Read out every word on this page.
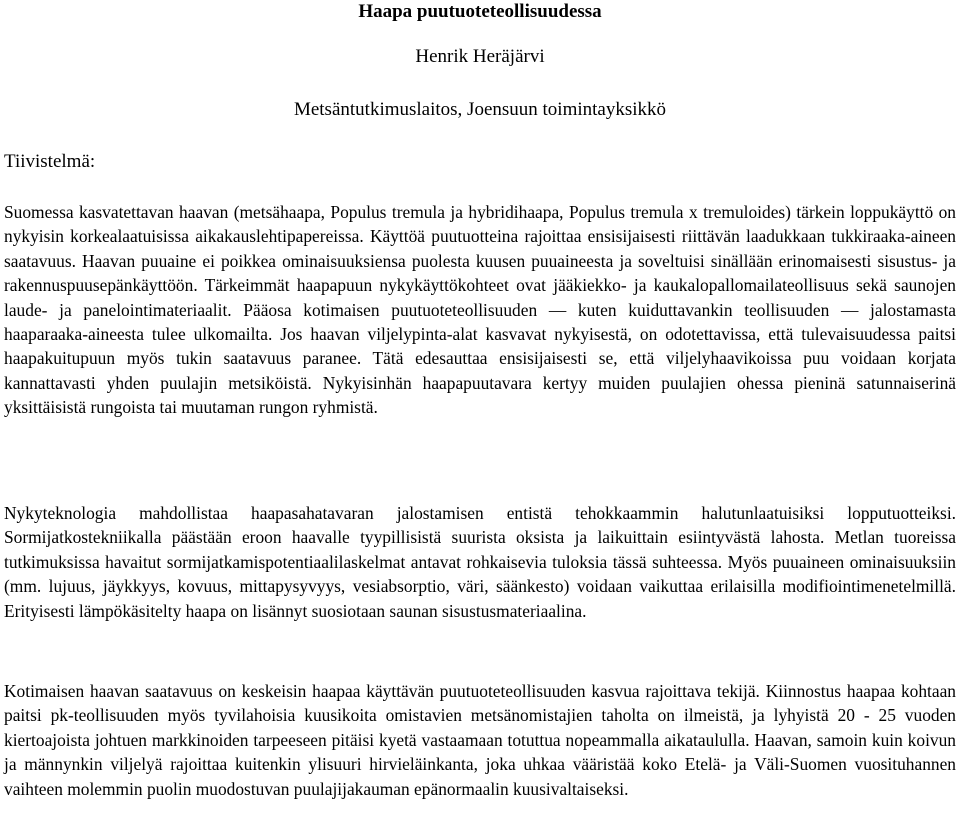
Haapa puutuoteteollisuudessa

Henrik Heräjärvi

Metsäntutkimuslaitos, Joensuun toimintayksikkö

Tiivistelmä:

Suomessa kasvatettavan haavan (metsähaapa, Populus tremula ja hybridihaapa, Populus tremula x tremuloides) tärkein loppukäyttö on nykyisin korkealaatuisissa aikakauslehtipapereissa. Käyttöä puutuotteina rajoittaa ensisijaisesti riittävän laadukkaan tukkiraaka-aineen saatavuus. Haavan puuaine ei poikkea ominaisuuksiensa puolesta kuusen puuaineesta ja soveltuisi sinällään erinomaisesti sisustus- ja rakennuspuusepänkäyttöön. Tärkeimmät haapapuun nykykäyttökohteet ovat jääkiekko- ja kaukalopallomailateollisuus sekä saunojen laude- ja panelointimateriaalit. Pääosa kotimaisen puutuoteteollisuuden — kuten kuiduttavankin teollisuuden — jalostamasta haaparaaka-aineesta tulee ulkomailta. Jos haavan viljelypinta-alat kasvavat nykyisestä, on odotettavissa, että tulevaisuudessa paitsi haapakuitupuun myös tukin saatavuus paranee. Tätä edesauttaa ensisijaisesti se, että viljelyhaavikoissa puu voidaan korjata kannattavasti yhden puulajin metsiköistä. Nykyisinhän haapapuutavara kertyy muiden puulajien ohessa pieninä satunnaiserinä yksittäisistä rungoista tai muutaman rungon ryhmistä.

Nykyteknologia mahdollistaa haapasahatavaran jalostamisen entistä tehokkaammin halutunlaatuisiksi lopputuotteiksi. Sormijatkostekniikalla päästään eroon haavalle tyypillisistä suurista oksista ja laikuittain esiintyvästä lahosta. Metlan tuoreissa tutkimuksissa havaitut sormijatkamispotentiaalilaskelmat antavat rohkaisevia tuloksia tässä suhteessa. Myös puuaineen ominaisuuksiin (mm. lujuus, jäykkyys, kovuus, mittapysyvyys, vesiabsorptio, väri, säänkesto) voidaan vaikuttaa erilaisilla modifiointimenetelmillä. Erityisesti lämpökäsitelty haapa on lisännyt suosiotaan saunan sisustusmateriaalina.

Kotimaisen haavan saatavuus on keskeisin haapaa käyttävän puutuoteteollisuuden kasvua rajoittava tekijä. Kiinnostus haapaa kohtaan paitsi pk-teollisuuden myös tyvilahoisia kuusikoita omistavien metsänomistajien taholta on ilmeistä, ja lyhyistä 20 - 25 vuoden kiertoajoista johtuen markkinoiden tarpeeseen pitäisi kyetä vastaamaan totuttua nopeammalla aikataululla. Haavan, samoin kuin koivun ja männynkin viljelyä rajoittaa kuitenkin ylisuuri hirvieläinkanta, joka uhkaa vääristää koko Etelä- ja Väli-Suomen vuosituhannen vaihteen molemmin puolin muodostuvan puulajijakauman epänormaalin kuusivaltaiseksi.
